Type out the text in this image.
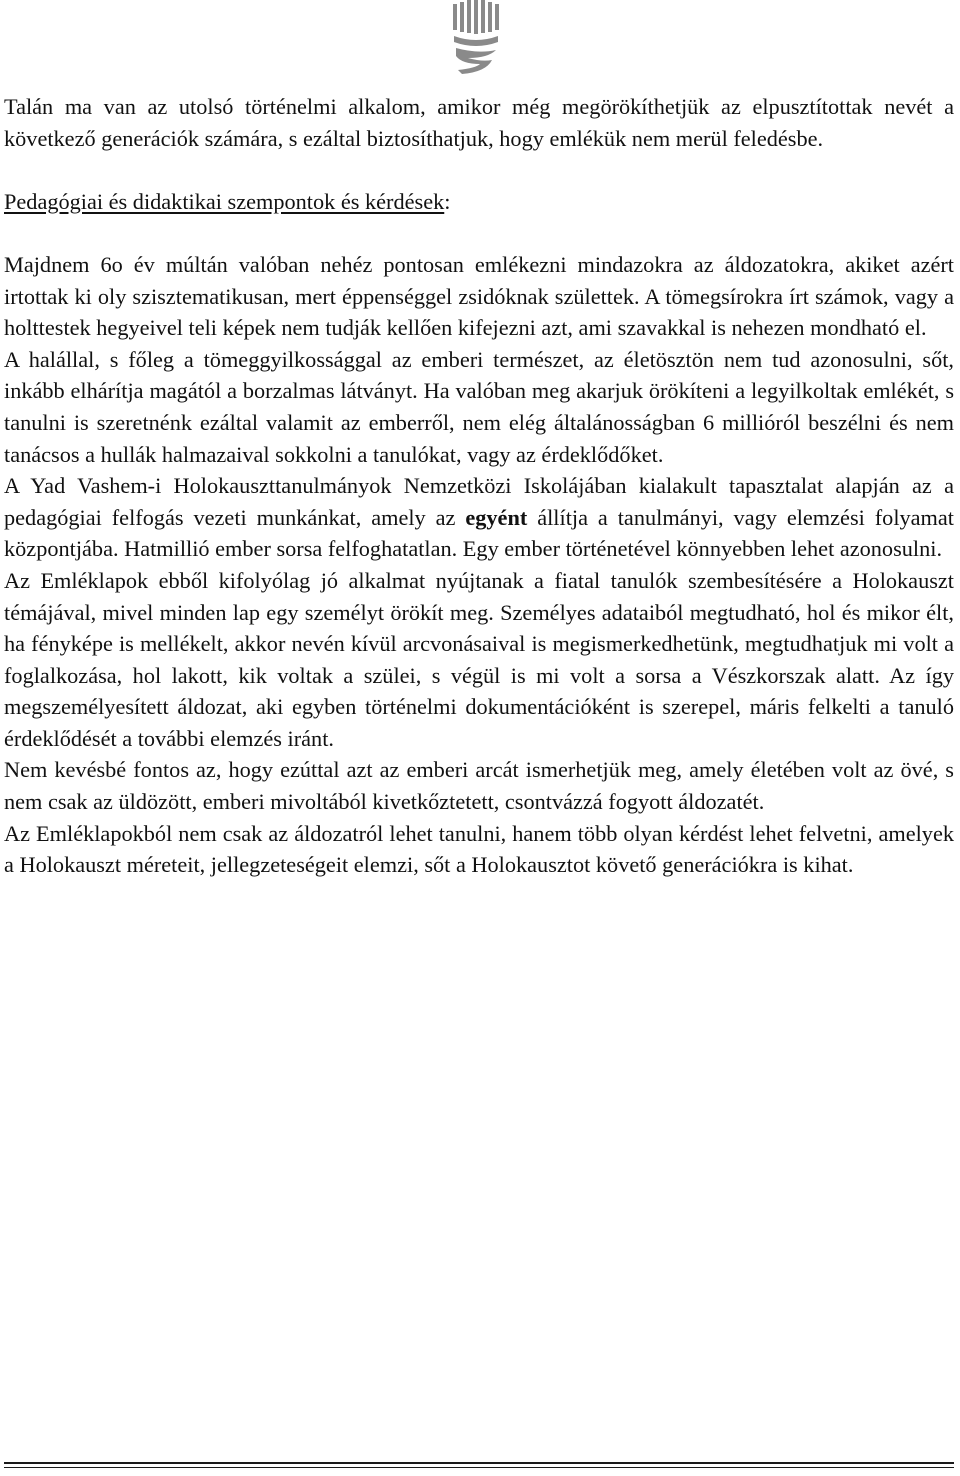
Talán ma van az utolsó történelmi alkalom, amikor még megörökíthetjük az elpusztítottak nevét a következő generációk számára, s ezáltal biztosíthatjuk, hogy emlékük nem merül feledésbe.

Pedagógiai és didaktikai szempontok és kérdések:

Majdnem 6o év múltán valóban nehéz pontosan emlékezni mindazokra az áldozatokra, akiket azért irtottak ki oly szisztematikusan, mert éppenséggel zsidóknak születtek. A tömegsírokra írt számok, vagy a holttestek hegyeivel teli képek nem tudják kellően kifejezni azt, ami szavakkal is nehezen mondható el.

A halállal, s főleg a tömeggyilkossággal az emberi természet, az életösztön nem tud azonosulni, sőt, inkább elhárítja magától a borzalmas látványt. Ha valóban meg akarjuk örökíteni a legyilkoltak emlékét, s tanulni is szeretnénk ezáltal valamit az emberről, nem elég általánosságban 6 millióról beszélni és nem tanácsos a hullák halmazaival sokkolni a tanulókat, vagy az érdeklődőket.

A Yad Vashem-i Holokauszttanulmányok Nemzetközi Iskolájában kialakult tapasztalat alapján az a pedagógiai felfogás vezeti munkánkat, amely az egyént állítja a tanulmányi, vagy elemzési folyamat központjába. Hatmillió ember sorsa felfoghatatlan. Egy ember történetével könnyebben lehet azonosulni.

Az Emléklapok ebből kifolyólag jó alkalmat nyújtanak a fiatal tanulók szembesítésére a Holokauszt témájával, mivel minden lap egy személyt örökít meg. Személyes adataiból megtudható, hol és mikor élt, ha fényképe is mellékelt, akkor nevén kívül arcvonásaival is megismerkedhetünk, megtudhatjuk mi volt a foglalkozása, hol lakott, kik voltak a szülei, s végül is mi volt a sorsa a Vészkorszak alatt. Az így megszemélyesített áldozat, aki egyben történelmi dokumentációként is szerepel, máris felkelti a tanuló érdeklődését a további elemzés iránt.

Nem kevésbé fontos az, hogy ezúttal azt az emberi arcát ismerhetjük meg, amely életében volt az övé, s nem csak az üldözött, emberi mivoltából kivetkőztetett, csontvázzá fogyott áldozatét.

Az Emléklapokból nem csak az áldozatról lehet tanulni, hanem több olyan kérdést lehet felvetni, amelyek a Holokauszt méreteit, jellegzeteségeit elemzi, sőt a Holokausztot követő generációkra is kihat.
